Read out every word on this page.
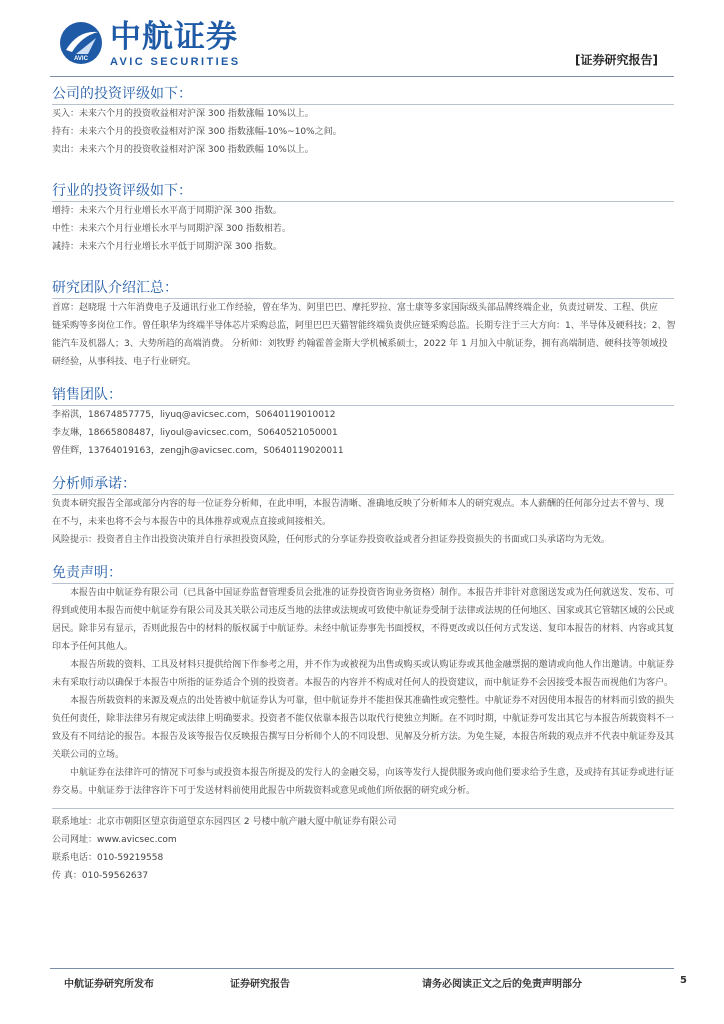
AVIC
中航证券
AVIC SECURITIES	[证券研究报告]

公司的投资评级如下：

买入：未来六个月的投资收益相对沪深 300 指数涨幅 10%以上。

持有：未来六个月的投资收益相对沪深 300 指数涨幅-10%~10%之间。

卖出：未来六个月的投资收益相对沪深 300 指数跌幅 10%以上。

行业的投资评级如下：

增持：未来六个月行业增长水平高于同期沪深 300 指数。

中性：未来六个月行业增长水平与同期沪深 300 指数相若。

减持：未来六个月行业增长水平低于同期沪深 300 指数。

研究团队介绍汇总：

首席：赵晓琨 十六年消费电子及通讯行业工作经验，曾在华为、阿里巴巴、摩托罗拉、富士康等多家国际级头部品牌终端企业，负责过研发、工程、供应

链采购等多岗位工作。曾任职华为终端半导体芯片采购总监，阿里巴巴天猫智能终端负责供应链采购总监。长期专注于三大方向：1、半导体及硬科技；2、智

能汽车及机器人；3、大势所趋的高端消费。 分析师：刘牧野 约翰霍普金斯大学机械系硕士，2022 年 1 月加入中航证券，拥有高端制造、硬科技等领域投

研经验，从事科技、电子行业研究。

销售团队：

李裕淇，18674857775，liyuq@avicsec.com，S0640119010012

李友琳，18665808487，liyoul@avicsec.com，S0640521050001

曾佳辉，13764019163，zengjh@avicsec.com，S0640119020011

分析师承诺：

负责本研究报告全部或部分内容的每一位证券分析师，在此申明，本报告清晰、准确地反映了分析师本人的研究观点。本人薪酬的任何部分过去不曾与、现

在不与，未来也将不会与本报告中的具体推荐或观点直接或间接相关。

风险提示：投资者自主作出投资决策并自行承担投资风险，任何形式的分享证券投资收益或者分担证券投资损失的书面或口头承诺均为无效。

免责声明：

本报告由中航证券有限公司（已具备中国证券监督管理委员会批准的证券投资咨询业务资格）制作。本报告并非针对意图送发或为任何就送发、发布、可得到或使用本报告而使中航证券有限公司及其关联公司违反当地的法律或法规或可致使中航证券受制于法律或法规的任何地区、国家或其它管辖区域的公民或居民。除非另有显示，否则此报告中的材料的版权属于中航证券。未经中航证券事先书面授权，不得更改或以任何方式发送、复印本报告的材料、内容或其复印本予任何其他人。

本报告所载的资料、工具及材料只提供给阁下作参考之用，并不作为或被视为出售或购买或认购证券或其他金融票据的邀请或向他人作出邀请。中航证券未有采取行动以确保于本报告中所指的证券适合个别的投资者。本报告的内容并不构成对任何人的投资建议，而中航证券不会因接受本报告而视他们为客户。

本报告所载资料的来源及观点的出处皆被中航证券认为可靠，但中航证券并不能担保其准确性或完整性。中航证券不对因使用本报告的材料而引致的损失负任何责任，除非法律另有规定或法律上明确要求。投资者不能仅依靠本报告以取代行使独立判断。在不同时期，中航证券可发出其它与本报告所载资料不一致及有不同结论的报告。本报告及该等报告仅反映报告撰写日分析师个人的不同设想、见解及分析方法。为免生疑，本报告所载的观点并不代表中航证券及其关联公司的立场。

中航证券在法律许可的情况下可参与或投资本报告所提及的发行人的金融交易，向该等发行人提供服务或向他们要求给予生意，及或持有其证券或进行证券交易。中航证券于法律容许下可于发送材料前使用此报告中所载资料或意见或他们所依据的研究或分析。

联系地址：北京市朝阳区望京街道望京东园四区 2 号楼中航产融大厦中航证券有限公司

公司网址：www.avicsec.com

联系电话：010-59219558

传 真：010-59562637

中航证券研究所发布	证券研究报告	请务必阅读正文之后的免责声明部分	5
